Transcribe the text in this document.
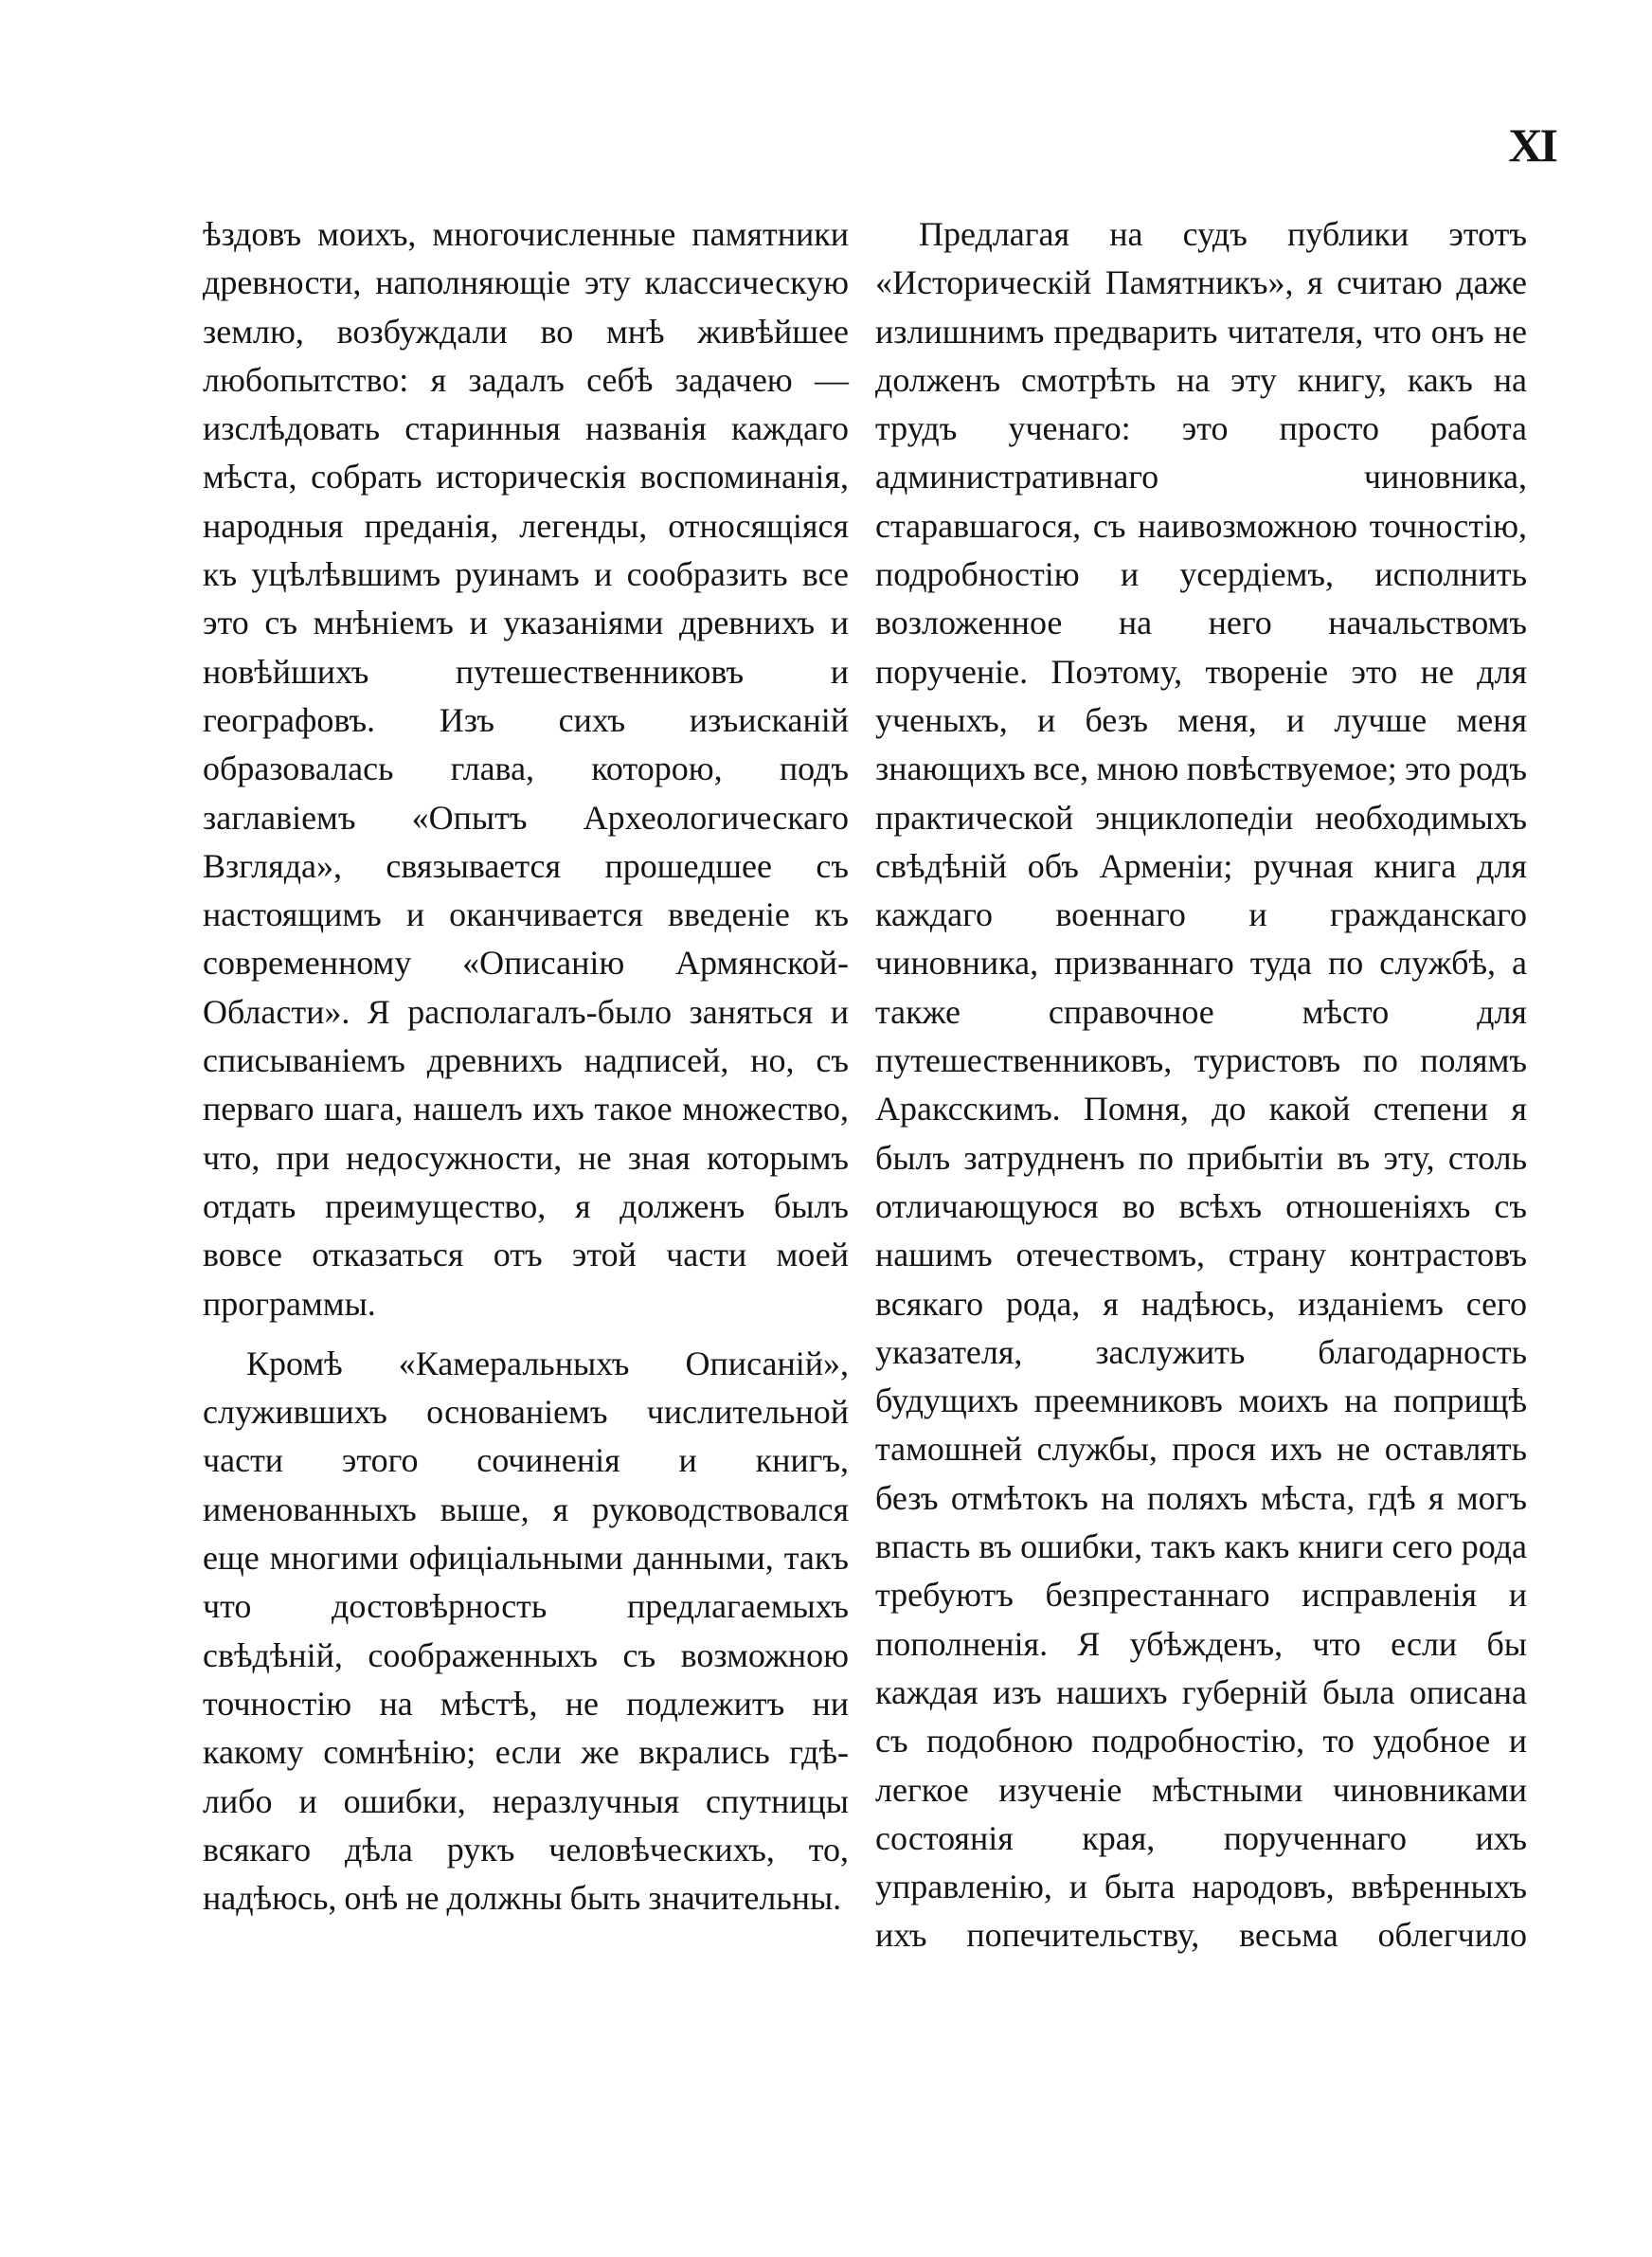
XI

ѣздовъ моихъ, многочисленные памятники древности, наполняющіе эту классическую землю, возбуждали во мнѣ живѣйшее любопытство: я задалъ себѣ задачею — изслѣдовать старинныя названія каждаго мѣста, собрать историческія воспоминанія, народныя преданія, легенды, относящіяся къ уцѣлѣвшимъ руинамъ и сообразить все это съ мнѣніемъ и указаніями древнихъ и новѣйшихъ путешественниковъ и географовъ. Изъ сихъ изъисканій образовалась глава, которою, подъ заглавіемъ «Опытъ Археологическаго Взгляда», связывается прошедшее съ настоящимъ и оканчивается введеніе къ современному «Описанію Армянской-Области». Я располагалъ-было заняться и списываніемъ древнихъ надписей, но, съ перваго шага, нашелъ ихъ такое множество, что, при недосужности, не зная которымъ отдать преимущество, я долженъ былъ вовсе отказаться отъ этой части моей программы.

Кромѣ «Камеральныхъ Описаній», служившихъ основаніемъ числительной части этого сочиненія и книгъ, именованныхъ выше, я руководствовался еще многими офиціальными данными, такъ что достовѣрность предлагаемыхъ свѣдѣній, соображенныхъ съ возможною точностію на мѣстѣ, не подлежитъ ни какому сомнѣнію; если же вкрались гдѣ-либо и ошибки, неразлучныя спутницы всякаго дѣла рукъ человѣческихъ, то, надѣюсь, онѣ не должны быть значительны.

Предлагая на судъ публики этотъ «Историческій Памятникъ», я считаю даже излишнимъ предварить читателя, что онъ не долженъ смотрѣть на эту книгу, какъ на трудъ ученаго: это просто работа административнаго чиновника, старавшагося, съ наивозможною точностію, подробностію и усердіемъ, исполнить возложенное на него начальствомъ порученіе. Поэтому, твореніе это не для ученыхъ, и безъ меня, и лучше меня знающихъ все, мною повѣствуемое; это родъ практической энциклопедіи необходимыхъ свѣдѣній объ Арменіи; ручная книга для каждаго военнаго и гражданскаго чиновника, призваннаго туда по службѣ, а также справочное мѣсто для путешественниковъ, туристовъ по полямъ Араксскимъ. Помня, до какой степени я былъ затрудненъ по прибытіи въ эту, столь отличающуюся во всѣхъ отношеніяхъ съ нашимъ отечествомъ, страну контрастовъ всякаго рода, я надѣюсь, изданіемъ сего указателя, заслужить благодарность будущихъ преемниковъ моихъ на поприщѣ тамошней службы, прося ихъ не оставлять безъ отмѣтокъ на поляхъ мѣста, гдѣ я могъ впасть въ ошибки, такъ какъ книги сего рода требуютъ безпрестаннаго исправленія и пополненія. Я убѣжденъ, что если бы каждая изъ нашихъ губерній была описана съ подобною подробностію, то удобное и легкое изученіе мѣстными чиновниками состоянія края, порученнаго ихъ управленію, и быта народовъ, ввѣренныхъ ихъ попечительству, весьма облегчило
